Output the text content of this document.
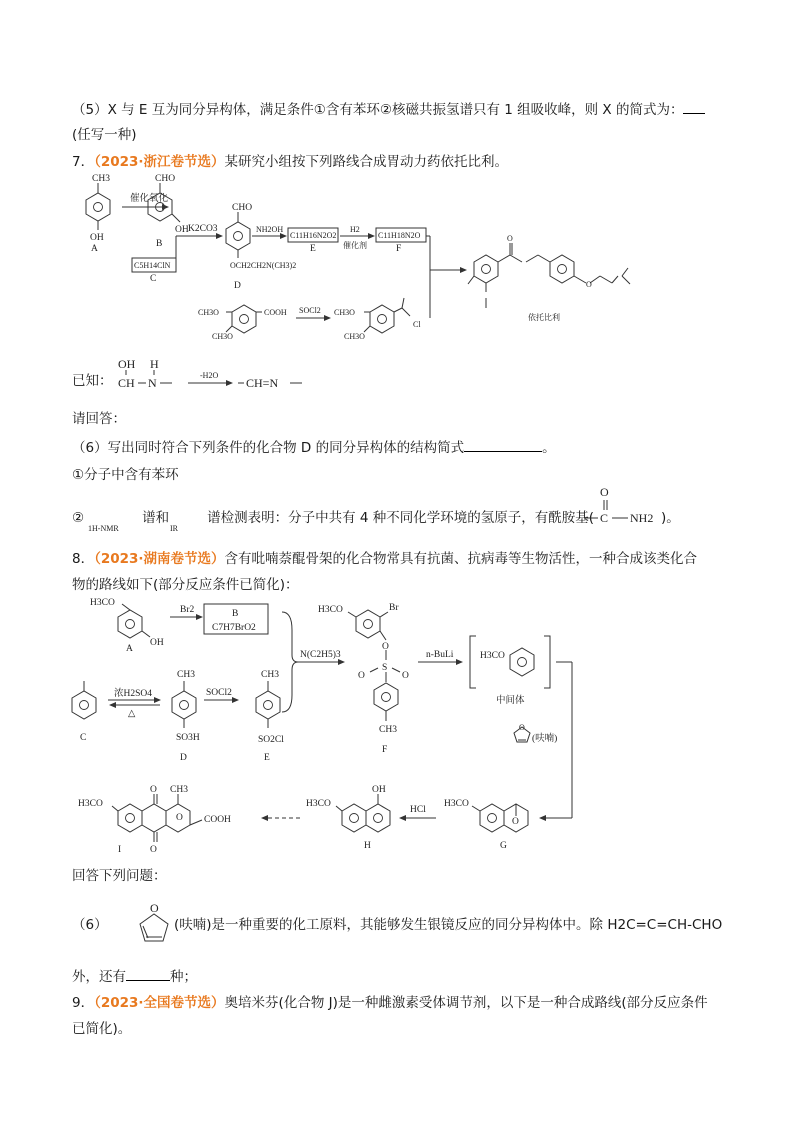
（5）X 与 E 互为同分异构体，满足条件①含有苯环②核磁共振氢谱只有 1 组吸收峰，则 X 的简式为：
(任写一种)
7．（2023·浙江卷节选）某研究小组按下列路线合成胃动力药依托比利。
已知：
请回答：
（6）写出同时符合下列条件的化合物 D 的同分异构体的结构简式	。
①分子中含有苯环
②	谱和	谱检测表明：分子中共有 4 种不同化学环境的氢原子，有酰胺基(	)。
8．（2023·湖南卷节选）含有吡喃萘醌骨架的化合物常具有抗菌、抗病毒等生物活性，一种合成该类化合
物的路线如下(部分反应条件已简化)：
回答下列问题：
（6）	(呋喃)是一种重要的化工原料，其能够发生银镜反应的同分异构体中。除 H2C=C=CH-CHO
外，还有	种；
9．（2023·全国卷节选）奥培米芬(化合物 J)是一种雌激素受体调节剂，以下是一种合成路线(部分反应条件
已简化)。
CH3
OH
A
催化氧化
CHO
OH
B
K2CO3
C5H14ClN
C
CHO
OCH2CH2N(CH3)2
D
NH2OH
C11H16N2O2
E
H2
催化剂
C11H18N2O
F
CH3O
CH3O
COOH SOCl2 CH3O
CH3O
Cl
O
O
依托比利
OH H
CH N
-H2O
CH=N
1H-NMR	IR
O
C NH2
H3CO
OH
A
Br2	B
C7H7BrO2
C
浓H2SO4
△
CH3
SO3H
D
SOCl2
CH3
SO2Cl
E
N(C2H5)3
H3CO	Br
O
S
O	O
CH3
F
n-BuLi	H3CO
中间体
(呋喃)
O
H3CO
O
G
HCl
OH
H3CO
H
O
O
CH3
O COOH
H3CO
I
O
